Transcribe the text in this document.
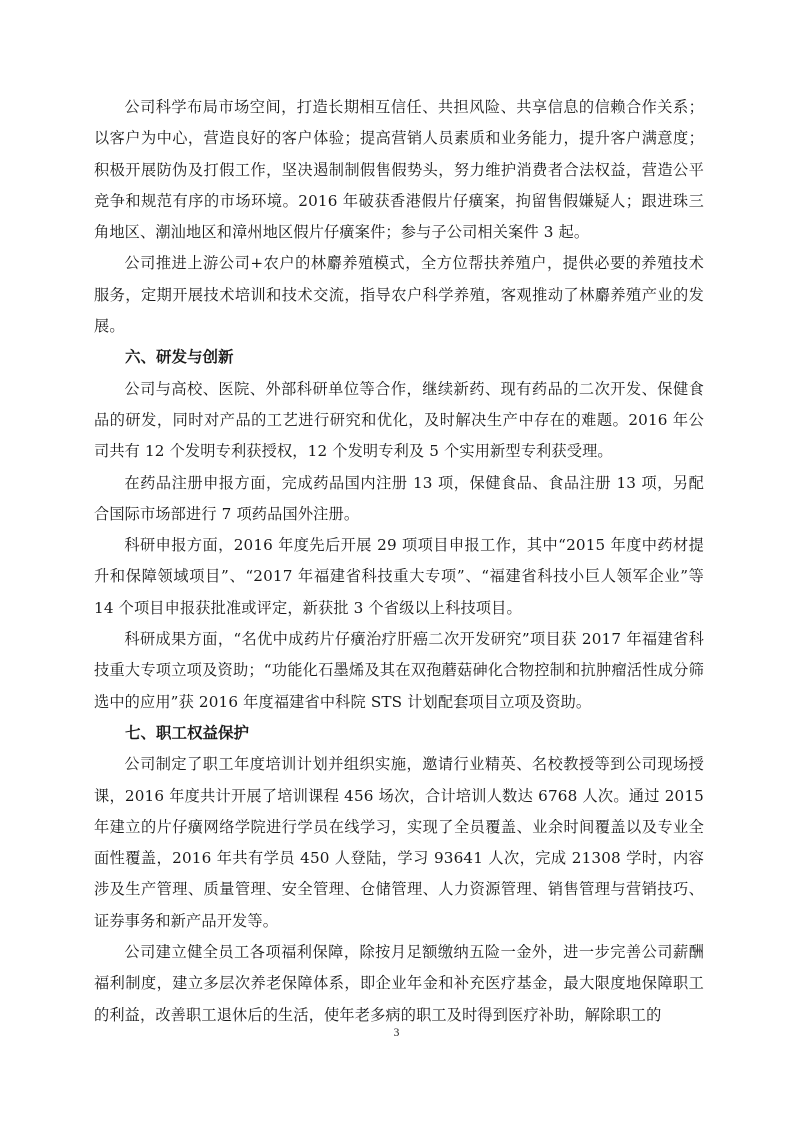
公司科学布局市场空间，打造长期相互信任、共担风险、共享信息的信赖合作关系；以客户为中心，营造良好的客户体验；提高营销人员素质和业务能力，提升客户满意度；积极开展防伪及打假工作，坚决遏制制假售假势头，努力维护消费者合法权益，营造公平竞争和规范有序的市场环境。2016 年破获香港假片仔癀案，拘留售假嫌疑人；跟进珠三角地区、潮汕地区和漳州地区假片仔癀案件；参与子公司相关案件 3 起。

公司推进上游公司+农户的林麝养殖模式，全方位帮扶养殖户，提供必要的养殖技术服务，定期开展技术培训和技术交流，指导农户科学养殖，客观推动了林麝养殖产业的发展。

六、研发与创新

公司与高校、医院、外部科研单位等合作，继续新药、现有药品的二次开发、保健食品的研发，同时对产品的工艺进行研究和优化，及时解决生产中存在的难题。2016 年公司共有 12 个发明专利获授权，12 个发明专利及 5 个实用新型专利获受理。

在药品注册申报方面，完成药品国内注册 13 项，保健食品、食品注册 13 项，另配合国际市场部进行 7 项药品国外注册。

科研申报方面，2016 年度先后开展 29 项项目申报工作，其中“2015 年度中药材提升和保障领域项目”、“2017 年福建省科技重大专项”、“福建省科技小巨人领军企业”等 14 个项目申报获批准或评定，新获批 3 个省级以上科技项目。

科研成果方面，“名优中成药片仔癀治疗肝癌二次开发研究”项目获 2017 年福建省科技重大专项立项及资助；“功能化石墨烯及其在双孢蘑菇砷化合物控制和抗肿瘤活性成分筛选中的应用”获 2016 年度福建省中科院 STS 计划配套项目立项及资助。

七、职工权益保护

公司制定了职工年度培训计划并组织实施，邀请行业精英、名校教授等到公司现场授课，2016 年度共计开展了培训课程 456 场次，合计培训人数达 6768 人次。通过 2015 年建立的片仔癀网络学院进行学员在线学习，实现了全员覆盖、业余时间覆盖以及专业全面性覆盖，2016 年共有学员 450 人登陆，学习 93641 人次，完成 21308 学时，内容涉及生产管理、质量管理、安全管理、仓储管理、人力资源管理、销售管理与营销技巧、证券事务和新产品开发等。

公司建立健全员工各项福利保障，除按月足额缴纳五险一金外，进一步完善公司薪酬福利制度，建立多层次养老保障体系，即企业年金和补充医疗基金，最大限度地保障职工的利益，改善职工退休后的生活，使年老多病的职工及时得到医疗补助，解除职工的

3
